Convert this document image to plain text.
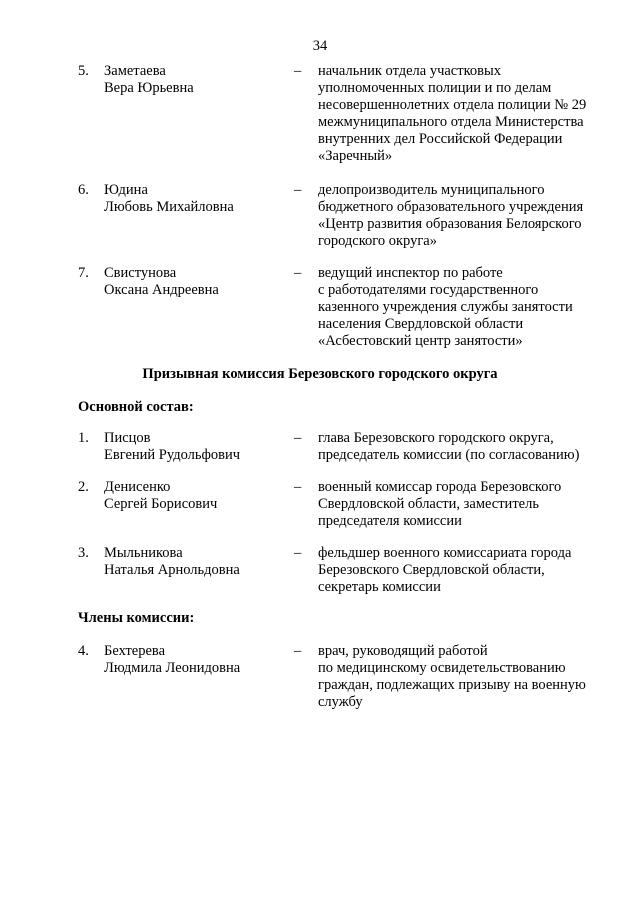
34
5.	Заметаева
Вера Юрьевна
– начальник отдела участковых
уполномоченных полиции и по делам
несовершеннолетних отдела полиции № 29
межмуниципального отдела Министерства
внутренних дел Российской Федерации
«Заречный»
6.	Юдина
Любовь Михайловна
– делопроизводитель муниципального
бюджетного образовательного учреждения
«Центр развития образования Белоярского
городского округа»
7.	Свистунова
Оксана Андреевна
– ведущий инспектор по работе
с работодателями государственного
казенного учреждения службы занятости
населения Свердловской области
«Асбестовский центр занятости»
Призывная комиссия Березовского городского округа
Основной состав:
1.	Писцов
Евгений Рудольфович
– глава Березовского городского округа,
председатель комиссии (по согласованию)
2.	Денисенко
Сергей Борисович
– военный комиссар города Березовского
Свердловской области, заместитель
председателя комиссии
3.	Мыльникова
Наталья Арнольдовна
– фельдшер военного комиссариата города
Березовского Свердловской области,
секретарь комиссии
Члены комиссии:
4.	Бехтерева
Людмила Леонидовна
– врач, руководящий работой
по медицинскому освидетельствованию
граждан, подлежащих призыву на военную
службу
